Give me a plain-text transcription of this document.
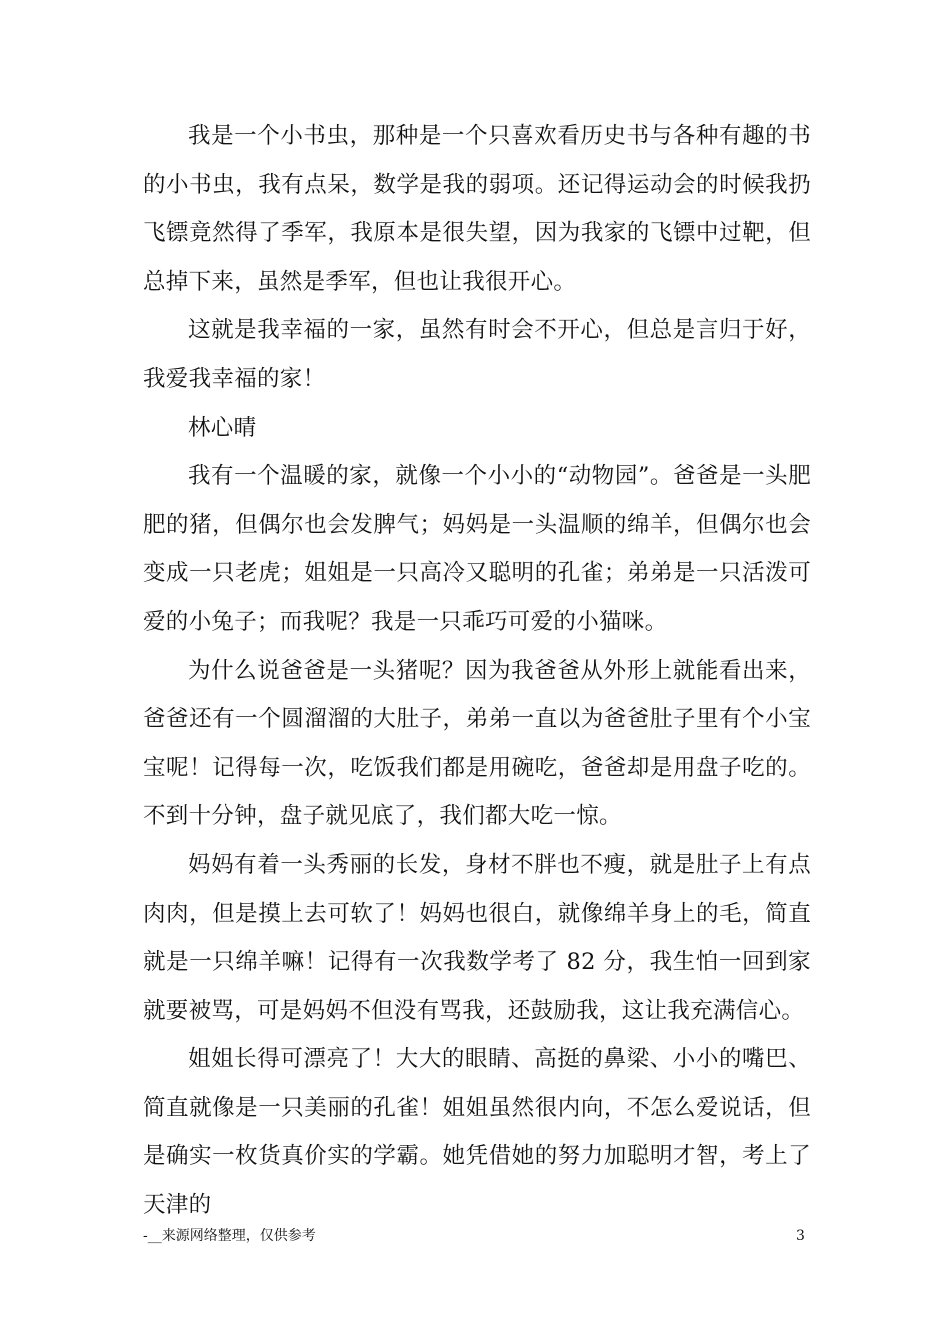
我是一个小书虫，那种是一个只喜欢看历史书与各种有趣的书的小书虫，我有点呆，数学是我的弱项。还记得运动会的时候我扔飞镖竟然得了季军，我原本是很失望，因为我家的飞镖中过靶，但总掉下来，虽然是季军，但也让我很开心。

这就是我幸福的一家，虽然有时会不开心，但总是言归于好，我爱我幸福的家！

林心晴

我有一个温暖的家，就像一个小小的“动物园”。爸爸是一头肥肥的猪，但偶尔也会发脾气；妈妈是一头温顺的绵羊，但偶尔也会变成一只老虎；姐姐是一只高冷又聪明的孔雀；弟弟是一只活泼可爱的小兔子；而我呢？我是一只乖巧可爱的小猫咪。

为什么说爸爸是一头猪呢？因为我爸爸从外形上就能看出来，爸爸还有一个圆溜溜的大肚子，弟弟一直以为爸爸肚子里有个小宝宝呢！记得每一次，吃饭我们都是用碗吃，爸爸却是用盘子吃的。不到十分钟，盘子就见底了，我们都大吃一惊。

妈妈有着一头秀丽的长发，身材不胖也不瘦，就是肚子上有点肉肉，但是摸上去可软了！妈妈也很白，就像绵羊身上的毛，简直就是一只绵羊嘛！记得有一次我数学考了 82 分，我生怕一回到家就要被骂，可是妈妈不但没有骂我，还鼓励我，这让我充满信心。

姐姐长得可漂亮了！大大的眼睛、高挺的鼻梁、小小的嘴巴、简直就像是一只美丽的孔雀！姐姐虽然很内向，不怎么爱说话，但是确实一枚货真价实的学霸。她凭借她的努力加聪明才智，考上了天津的

-__来源网络整理，仅供参考	3
